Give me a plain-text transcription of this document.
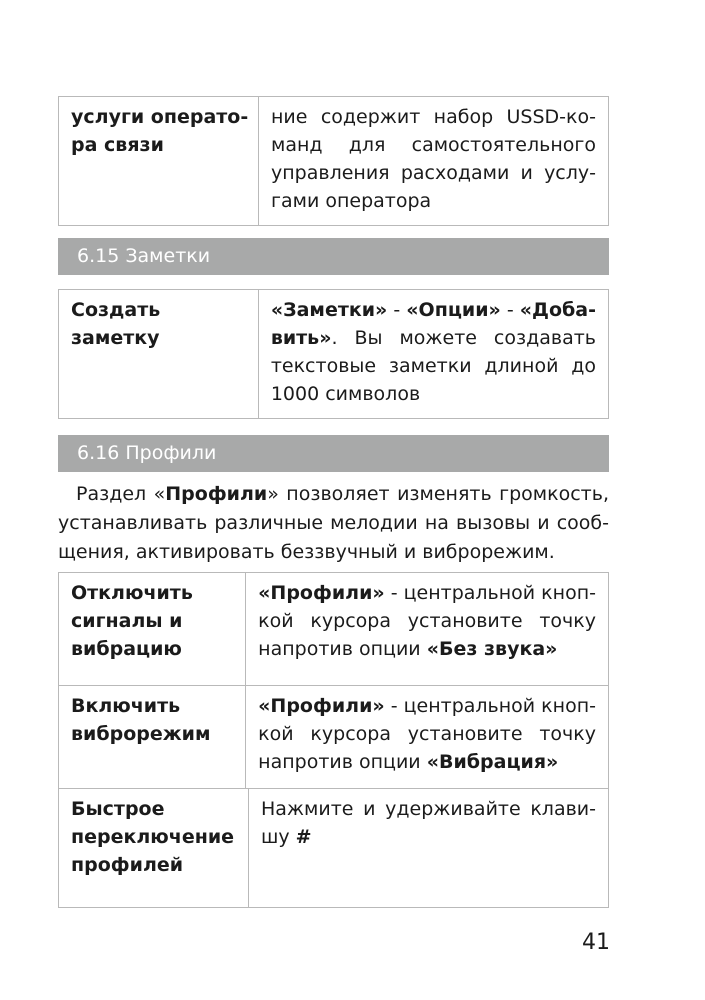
услуги операто-
ра связи
ние содержит набор USSD-ко-
манд для самостоятельного
управления расходами и услу-
гами оператора
6.15 Заметки
Создать заметку
«Заметки» - «Опции» - «Доба-
вить». Вы можете создавать
текстовые заметки длиной до
1000 символов
6.16 Профили
Раздел «Профили» позволяет изменять громкость,
устанавливать различные мелодии на вызовы и сооб-
щения, активировать беззвучный и виброрежим.
Отключить
сигналы и
вибрацию
«Профили» - центральной кноп-
кой курсора установите точку
напротив опции «Без звука»
Включить
виброрежим
«Профили» - центральной кноп-
кой курсора установите точку
напротив опции «Вибрация»
Быстрое
переключение
профилей
Нажмите и удерживайте клави-
шу #
41
